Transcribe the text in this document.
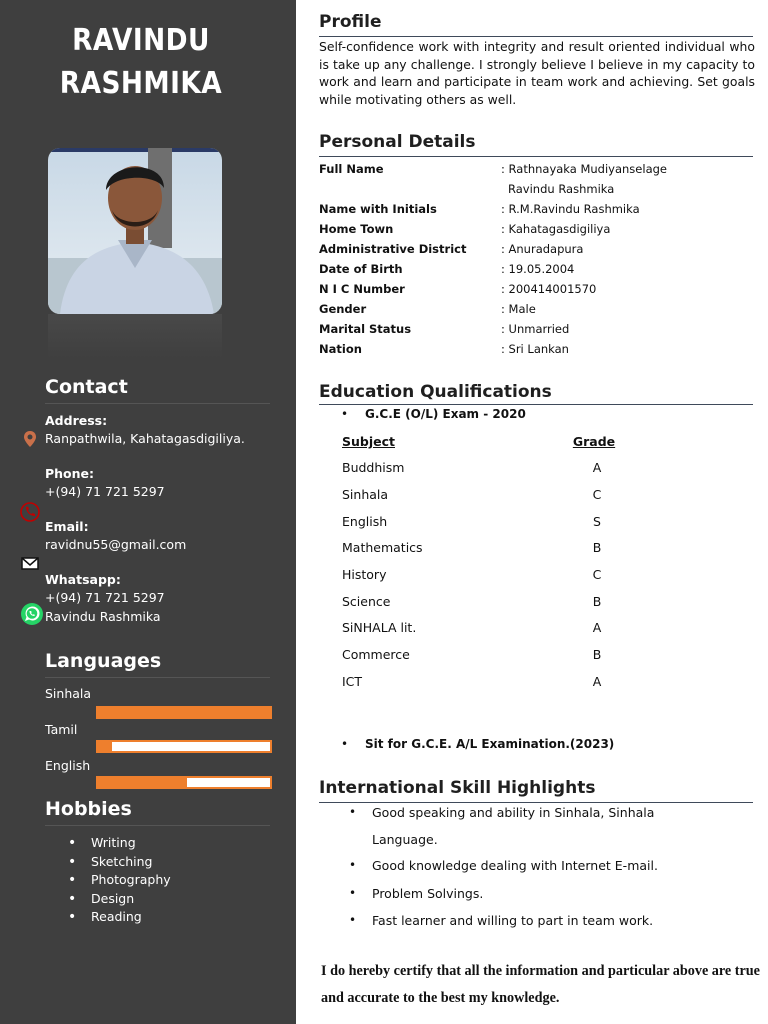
RAVINDU
RASHMIKA
Contact
Address:
Ranpathwila, Kahatagasdigiliya.
Phone:
+(94) 71 721 5297
Email:
ravidnu55@gmail.com
Whatsapp:
+(94) 71 721 5297
Ravindu Rashmika
Languages
Sinhala
Tamil
English
Hobbies
• Writing
• Sketching
• Photography
• Design
• Reading
Profile
Self-confidence work with integrity and result oriented individual who is take up any challenge. I strongly believe I believe in my capacity to work and learn and participate in team work and achieving. Set goals while motivating others as well.
Personal Details
Full Name	: Rathnayaka Mudiyanselage
Ravindu Rashmika
Name with Initials	: R.M.Ravindu Rashmika
Home Town	: Kahatagasdigiliya
Administrative District	: Anuradapura
Date of Birth	: 19.05.2004
N I C Number	: 200414001570
Gender	: Male
Marital Status	: Unmarried
Nation	: Sri Lankan
Education Qualifications
• G.C.E (O/L) Exam - 2020
Subject	Grade
Buddhism	A
Sinhala	C
English	S
Mathematics	B
History	C
Science	B
SiNHALA lit.	A
Commerce	B
ICT	A
• Sit for G.C.E. A/L Examination.(2023)
International Skill Highlights
• Good speaking and ability in Sinhala, Sinhala
Language.
• Good knowledge dealing with Internet E-mail.
• Problem Solvings.
• Fast learner and willing to part in team work.
I do hereby certify that all the information and particular above are true and accurate to the best my knowledge.
